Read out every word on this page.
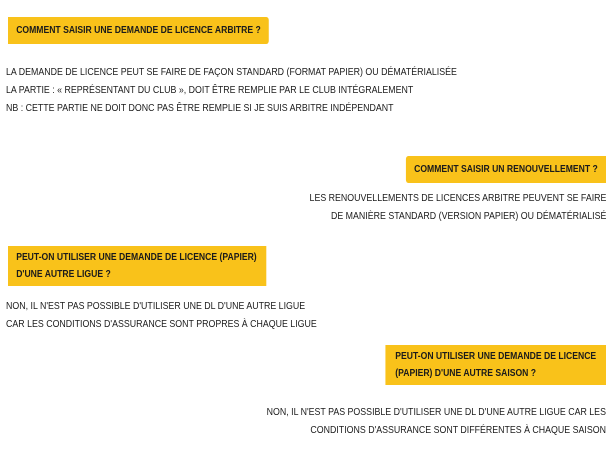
COMMENT SAISIR UNE DEMANDE DE LICENCE ARBITRE ?
LA DEMANDE DE LICENCE PEUT SE FAIRE DE FAÇON STANDARD (FORMAT PAPIER) OU DÉMATÉRIALISÉE
LA PARTIE : « REPRÉSENTANT DU CLUB », DOIT ÊTRE REMPLIE PAR LE CLUB INTÉGRALEMENT
NB : CETTE PARTIE NE DOIT DONC PAS ÊTRE REMPLIE SI JE SUIS ARBITRE INDÉPENDANT
COMMENT SAISIR UN RENOUVELLEMENT ?
LES RENOUVELLEMENTS DE LICENCES ARBITRE PEUVENT SE FAIRE
DE MANIÈRE STANDARD (VERSION PAPIER) OU DÉMATÉRIALISÉ
PEUT-ON UTILISER UNE DEMANDE DE LICENCE (PAPIER)
D'UNE AUTRE LIGUE ?
NON, IL N'EST PAS POSSIBLE D'UTILISER UNE DL D'UNE AUTRE LIGUE
CAR LES CONDITIONS D'ASSURANCE SONT PROPRES À CHAQUE LIGUE
PEUT-ON UTILISER UNE DEMANDE DE LICENCE
(PAPIER) D'UNE AUTRE SAISON ?
NON, IL N'EST PAS POSSIBLE D'UTILISER UNE DL D'UNE AUTRE LIGUE CAR LES
CONDITIONS D'ASSURANCE SONT DIFFÉRENTES À CHAQUE SAISON
